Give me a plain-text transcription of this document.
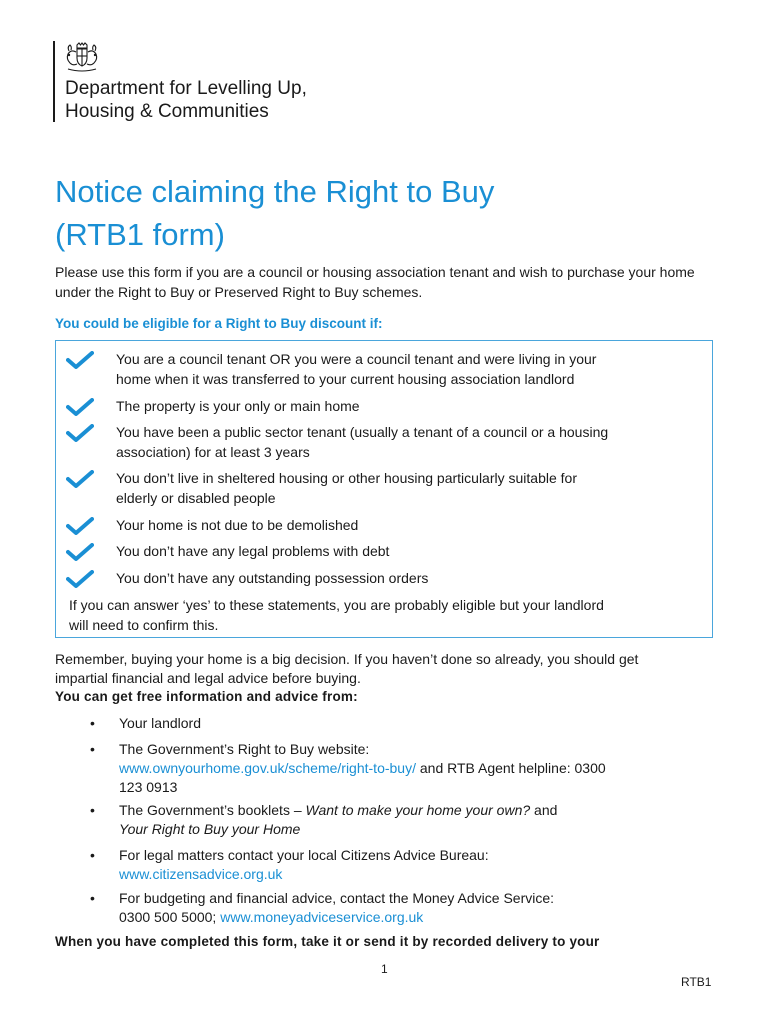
Department for Levelling Up,
Housing & Communities
Notice claiming the Right to Buy
(RTB1 form)

Please use this form if you are a council or housing association tenant and wish to purchase your home under the Right to Buy or Preserved Right to Buy schemes.

You could be eligible for a Right to Buy discount if:

You are a council tenant OR you were a council tenant and were living in your
home when it was transferred to your current housing association landlord
The property is your only or main home
You have been a public sector tenant (usually a tenant of a council or a housing
association) for at least 3 years
You don’t live in sheltered housing or other housing particularly suitable for
elderly or disabled people
Your home is not due to be demolished
You don’t have any legal problems with debt
You don’t have any outstanding possession orders
If you can answer ‘yes’ to these statements, you are probably eligible but your landlord
will need to confirm this.
Remember, buying your home is a big decision. If you haven’t done so already, you should get
impartial financial and legal advice before buying.

You can get free information and advice from:

• Your landlord
• The Government’s Right to Buy website:
www.ownyourhome.gov.uk/scheme/right-to-buy/ and RTB Agent helpline: 0300
123 0913
• The Government’s booklets – Want to make your home your own? and
Your Right to Buy your Home
• For legal matters contact your local Citizens Advice Bureau:
www.citizensadvice.org.uk
• For budgeting and financial advice, contact the Money Advice Service:
0300 500 5000; www.moneyadviceservice.org.uk

When you have completed this form, take it or send it by recorded delivery to your

1
RTB1
